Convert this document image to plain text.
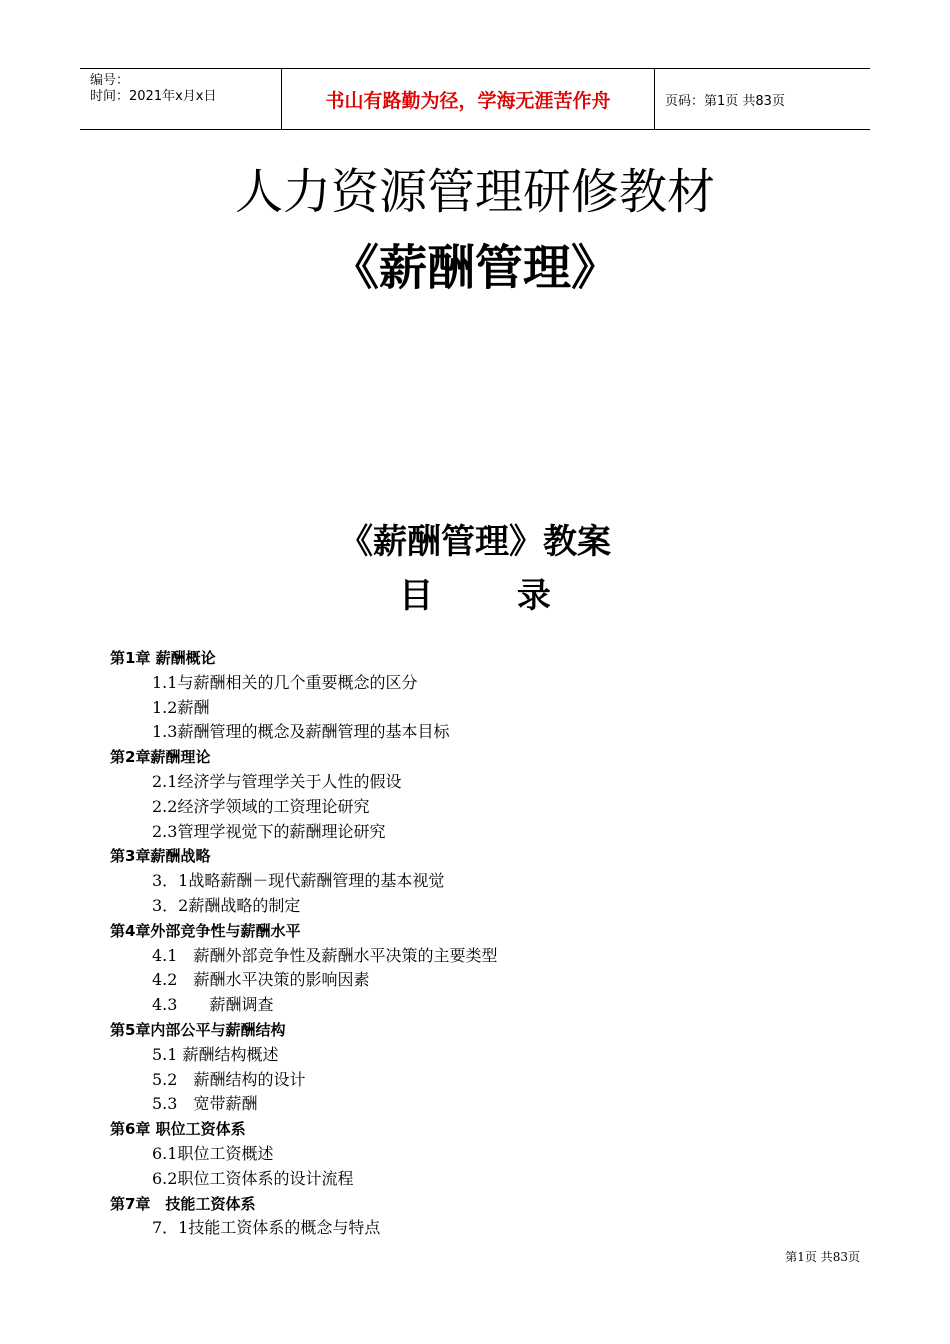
编号：
时间：2021年x月x日	书山有路勤为径，学海无涯苦作舟	页码：第1页 共83页
人力资源管理研修教材
《薪酬管理》
《薪酬管理》教案
目 录
第1章 薪酬概论
1.1与薪酬相关的几个重要概念的区分
1.2薪酬
1.3薪酬管理的概念及薪酬管理的基本目标
第2章薪酬理论
2.1经济学与管理学关于人性的假设
2.2经济学领域的工资理论研究
2.3管理学视觉下的薪酬理论研究
第3章薪酬战略
3．1战略薪酬－现代薪酬管理的基本视觉
3．2薪酬战略的制定
第4章外部竞争性与薪酬水平
4.1　薪酬外部竞争性及薪酬水平决策的主要类型
4.2　薪酬水平决策的影响因素
4.3　　薪酬调查
第5章内部公平与薪酬结构
5.1 薪酬结构概述
5.2　薪酬结构的设计
5.3　宽带薪酬
第6章 职位工资体系
6.1职位工资概述
6.2职位工资体系的设计流程
第7章　技能工资体系
7．1技能工资体系的概念与特点
第1页 共83页
